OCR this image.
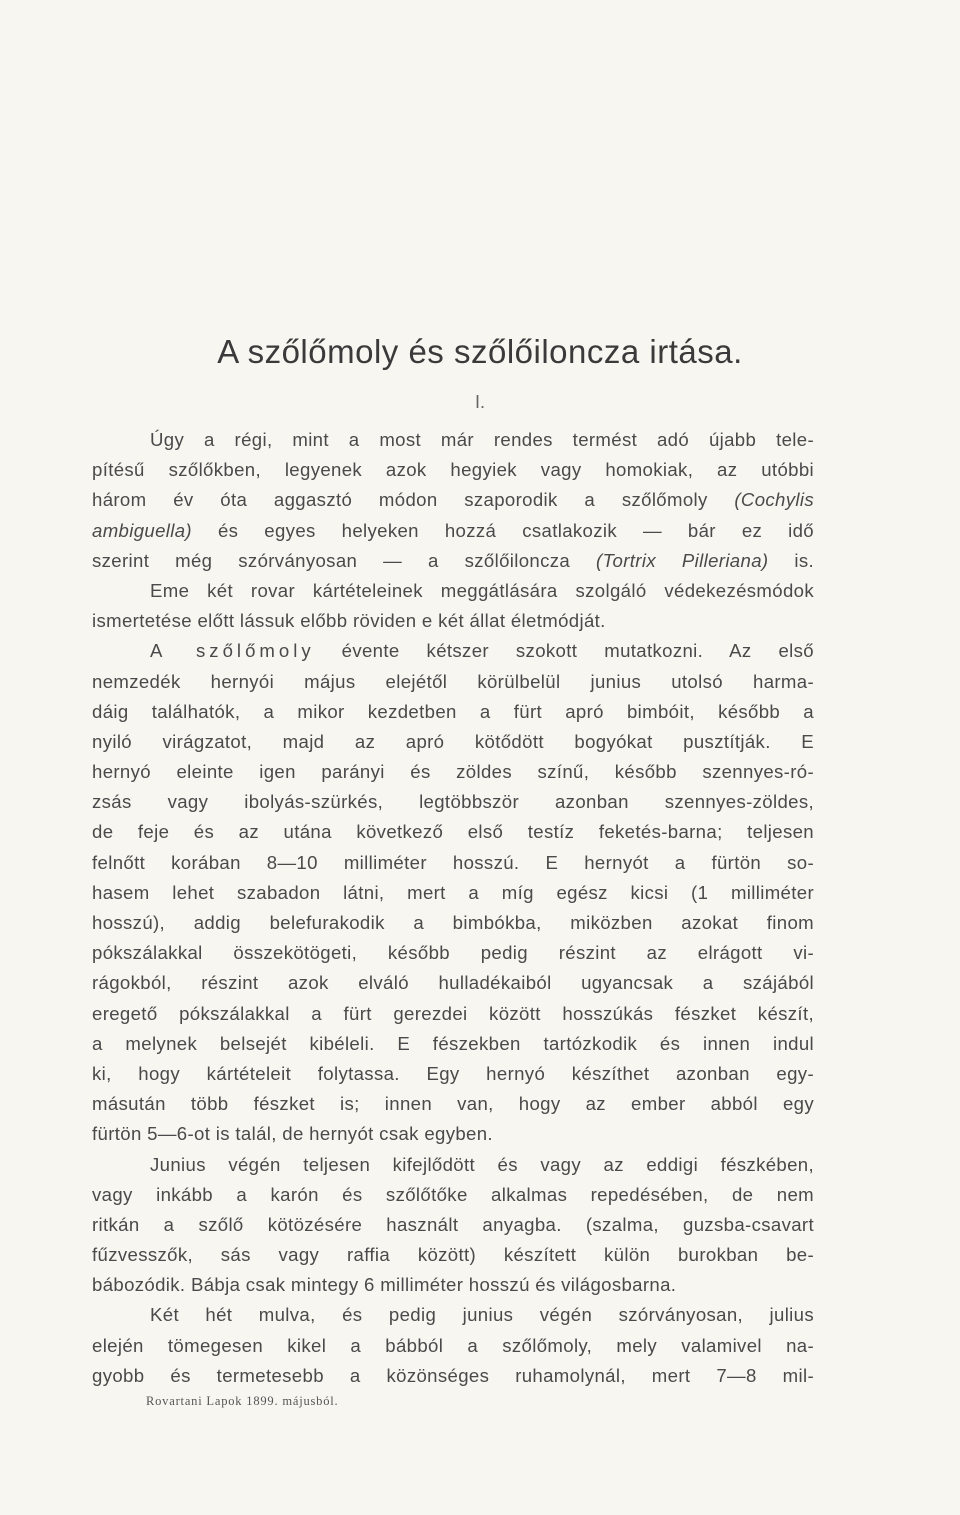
A szőlőmoly és szőlőiloncza irtása.
I.
Úgy a régi, mint a most már rendes termést adó újabb tele-
pítésű szőlőkben, legyenek azok hegyiek vagy homokiak, az utóbbi
három év óta aggasztó módon szaporodik a szőlőmoly (Cochylis
ambiguella) és egyes helyeken hozzá csatlakozik — bár ez idő
szerint még szórványosan — a szőlőiloncza (Tortrix Pilleriana) is.
Eme két rovar kártételeinek meggátlására szolgáló védekezésmódok
ismertetése előtt lássuk előbb röviden e két állat életmódját.
A szőlőmoly évente kétszer szokott mutatkozni. Az első
nemzedék hernyói május elejétől körülbelül junius utolsó harma-
dáig találhatók, a mikor kezdetben a fürt apró bimbóit, később a
nyiló virágzatot, majd az apró kötődött bogyókat pusztítják. E
hernyó eleinte igen parányi és zöldes színű, később szennyes-ró-
zsás vagy ibolyás-szürkés, legtöbbször azonban szennyes-zöldes,
de feje és az utána következő első testíz feketés-barna; teljesen
felnőtt korában 8—10 milliméter hosszú. E hernyót a fürtön so-
hasem lehet szabadon látni, mert a míg egész kicsi (1 milliméter
hosszú), addig belefurakodik a bimbókba, miközben azokat finom
pókszálakkal összekötögeti, később pedig részint az elrágott vi-
rágokból, részint azok elváló hulladékaiból ugyancsak a szájából
eregető pókszálakkal a fürt gerezdei között hosszúkás fészket készít,
a melynek belsejét kibéleli. E fészekben tartózkodik és innen indul
ki, hogy kártételeit folytassa. Egy hernyó készíthet azonban egy-
másután több fészket is; innen van, hogy az ember abból egy
fürtön 5—6-ot is talál, de hernyót csak egyben.
Junius végén teljesen kifejlődött és vagy az eddigi fészkében,
vagy inkább a karón és szőlőtőke alkalmas repedésében, de nem
ritkán a szőlő kötözésére használt anyagba. (szalma, guzsba-csavart
fűzvesszők, sás vagy raffia között) készített külön burokban be-
bábozódik. Bábja csak mintegy 6 milliméter hosszú és világosbarna.
Két hét mulva, és pedig junius végén szórványosan, julius
elején tömegesen kikel a bábból a szőlőmoly, mely valamivel na-
gyobb és termetesebb a közönséges ruhamolynál, mert 7—8 mil-
Rovartani Lapok 1899. májusból.
